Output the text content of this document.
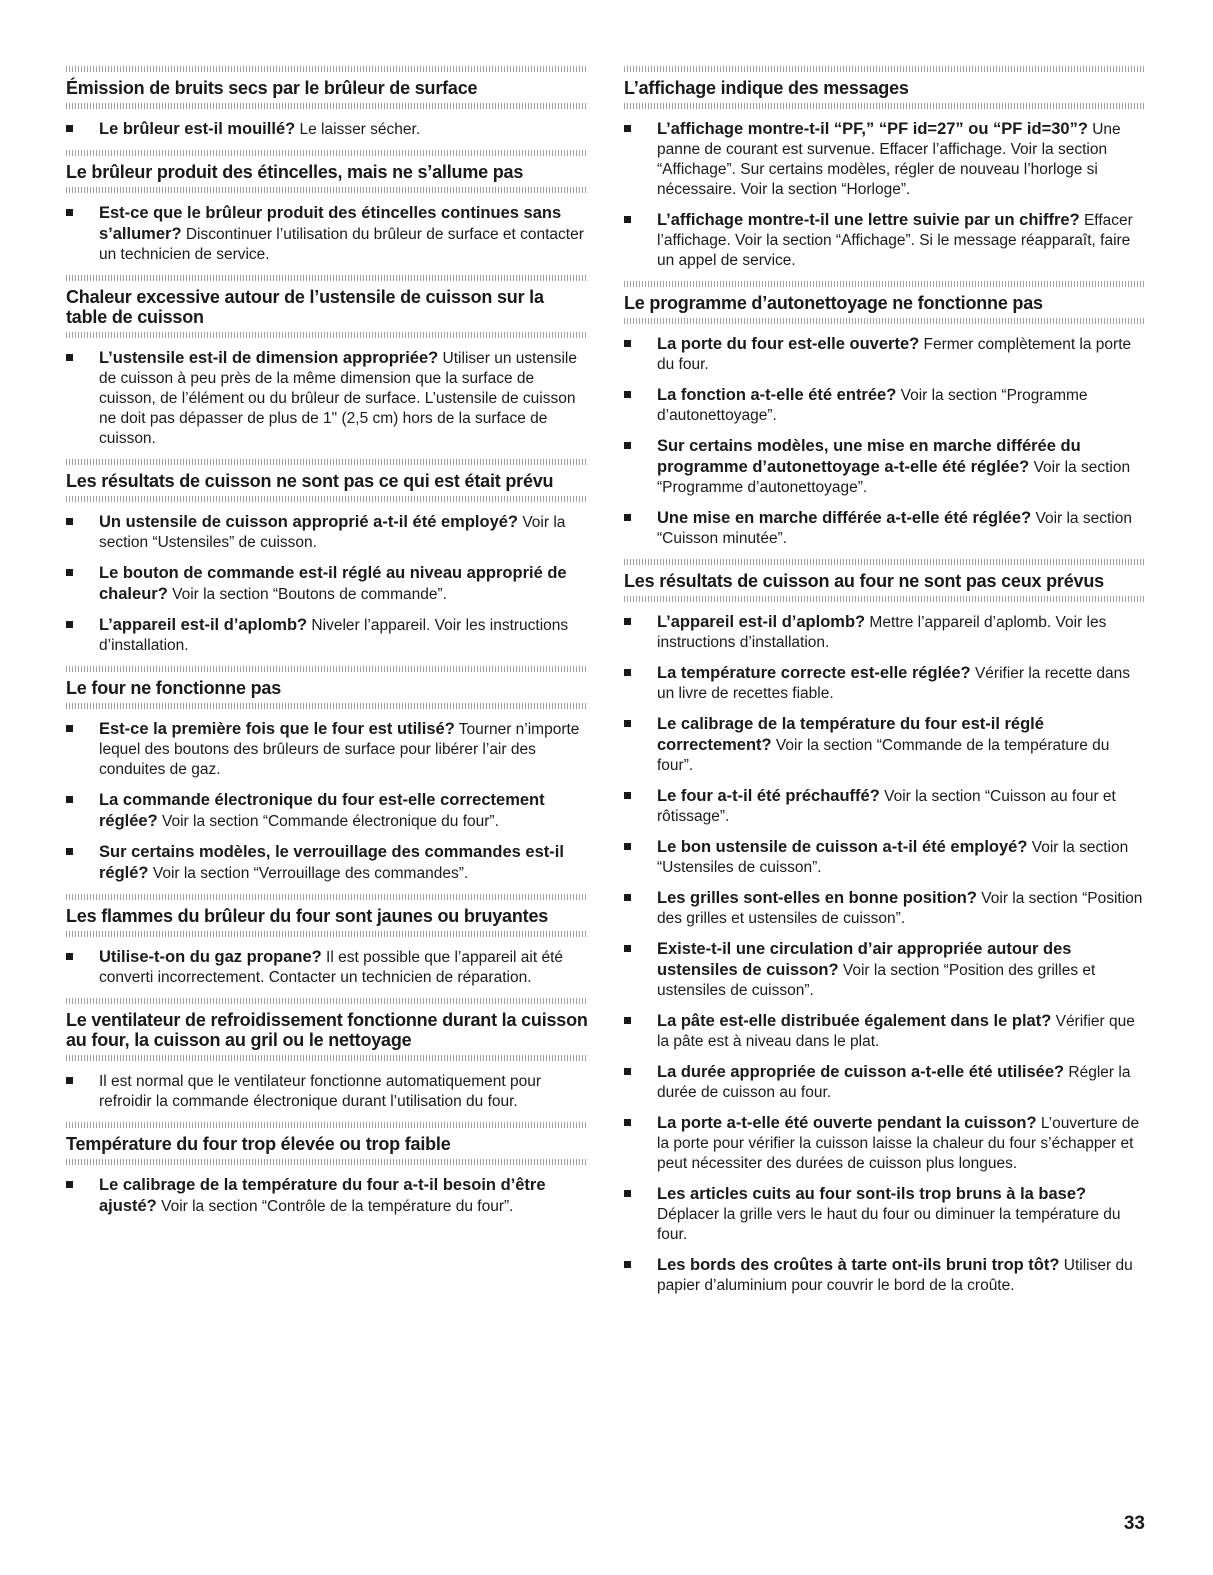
Émission de bruits secs par le brûleur de surface
Le brûleur est-il mouillé? Le laisser sécher.
Le brûleur produit des étincelles, mais ne s’allume pas
Est-ce que le brûleur produit des étincelles continues sans s’allumer? Discontinuer l’utilisation du brûleur de surface et contacter un technicien de service.
Chaleur excessive autour de l’ustensile de cuisson sur la table de cuisson
L’ustensile est-il de dimension appropriée? Utiliser un ustensile de cuisson à peu près de la même dimension que la surface de cuisson, de l’élément ou du brûleur de surface. L’ustensile de cuisson ne doit pas dépasser de plus de 1" (2,5 cm) hors de la surface de cuisson.
Les résultats de cuisson ne sont pas ce qui est était prévu
Un ustensile de cuisson approprié a-t-il été employé? Voir la section “Ustensiles” de cuisson.
Le bouton de commande est-il réglé au niveau approprié de chaleur? Voir la section “Boutons de commande”.
L’appareil est-il d’aplomb? Niveler l’appareil. Voir les instructions d’installation.
Le four ne fonctionne pas
Est-ce la première fois que le four est utilisé? Tourner n’importe lequel des boutons des brûleurs de surface pour libérer l’air des conduites de gaz.
La commande électronique du four est-elle correctement réglée? Voir la section “Commande électronique du four”.
Sur certains modèles, le verrouillage des commandes est-il réglé? Voir la section “Verrouillage des commandes”.
Les flammes du brûleur du four sont jaunes ou bruyantes
Utilise-t-on du gaz propane? Il est possible que l’appareil ait été converti incorrectement. Contacter un technicien de réparation.
Le ventilateur de refroidissement fonctionne durant la cuisson au four, la cuisson au gril ou le nettoyage
Il est normal que le ventilateur fonctionne automatiquement pour refroidir la commande électronique durant l’utilisation du four.
Température du four trop élevée ou trop faible
Le calibrage de la température du four a-t-il besoin d’être ajusté? Voir la section “Contrôle de la température du four”.
L’affichage indique des messages
L’affichage montre-t-il “PF,” “PF id=27” ou “PF id=30”? Une panne de courant est survenue. Effacer l’affichage. Voir la section “Affichage”. Sur certains modèles, régler de nouveau l’horloge si nécessaire. Voir la section “Horloge”.
L’affichage montre-t-il une lettre suivie par un chiffre? Effacer l’affichage. Voir la section “Affichage”. Si le message réapparaît, faire un appel de service.
Le programme d’autonettoyage ne fonctionne pas
La porte du four est-elle ouverte? Fermer complètement la porte du four.
La fonction a-t-elle été entrée? Voir la section “Programme d’autonettoyage”.
Sur certains modèles, une mise en marche différée du programme d’autonettoyage a-t-elle été réglée? Voir la section “Programme d’autonettoyage”.
Une mise en marche différée a-t-elle été réglée? Voir la section “Cuisson minutée”.
Les résultats de cuisson au four ne sont pas ceux prévus
L’appareil est-il d’aplomb? Mettre l’appareil d’aplomb. Voir les instructions d’installation.
La température correcte est-elle réglée? Vérifier la recette dans un livre de recettes fiable.
Le calibrage de la température du four est-il réglé correctement? Voir la section “Commande de la température du four”.
Le four a-t-il été préchauffé? Voir la section “Cuisson au four et rôtissage”.
Le bon ustensile de cuisson a-t-il été employé? Voir la section “Ustensiles de cuisson”.
Les grilles sont-elles en bonne position? Voir la section “Position des grilles et ustensiles de cuisson”.
Existe-t-il une circulation d’air appropriée autour des ustensiles de cuisson? Voir la section “Position des grilles et ustensiles de cuisson”.
La pâte est-elle distribuée également dans le plat? Vérifier que la pâte est à niveau dans le plat.
La durée appropriée de cuisson a-t-elle été utilisée? Régler la durée de cuisson au four.
La porte a-t-elle été ouverte pendant la cuisson? L’ouverture de la porte pour vérifier la cuisson laisse la chaleur du four s’échapper et peut nécessiter des durées de cuisson plus longues.
Les articles cuits au four sont-ils trop bruns à la base? Déplacer la grille vers le haut du four ou diminuer la température du four.
Les bords des croûtes à tarte ont-ils bruni trop tôt? Utiliser du papier d’aluminium pour couvrir le bord de la croûte.
33
